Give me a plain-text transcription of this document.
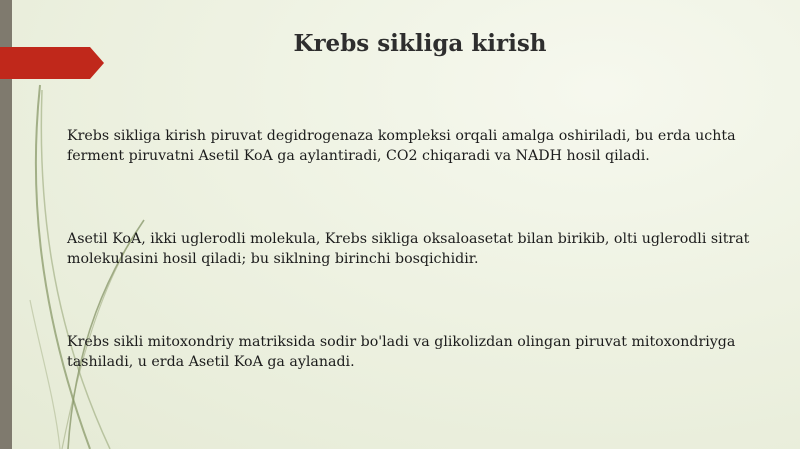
Krebs sikliga kirish

Krebs sikliga kirish piruvat degidrogenaza kompleksi orqali amalga oshiriladi, bu erda uchta ferment piruvatni Asetil KoA ga aylantiradi, CO2 chiqaradi va NADH hosil qiladi.

Asetil KoA, ikki uglerodli molekula, Krebs sikliga oksaloasetat bilan birikib, olti uglerodli sitrat molekulasini hosil qiladi; bu siklning birinchi bosqichidir.

Krebs sikli mitoxondriy matriksida sodir bo'ladi va glikolizdan olingan piruvat mitoxondriyga tashiladi, u erda Asetil KoA ga aylanadi.
